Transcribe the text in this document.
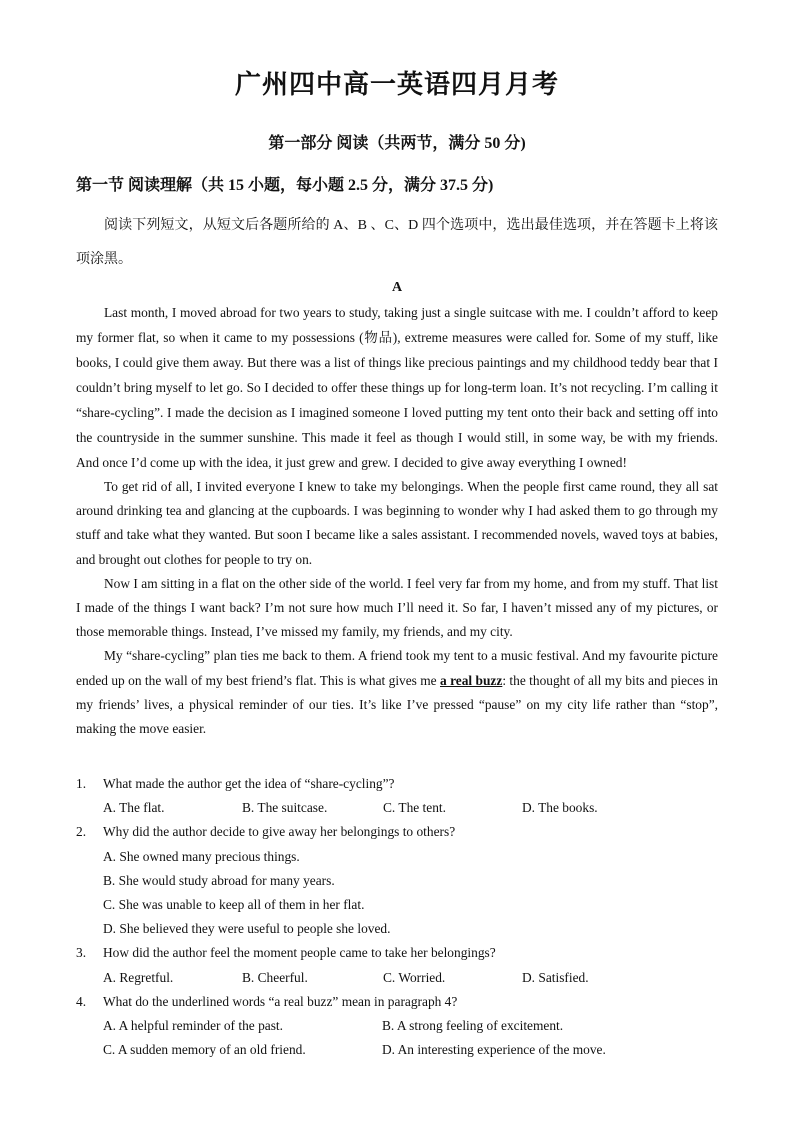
广州四中高一英语四月月考
第一部分 阅读（共两节，满分 50 分)
第一节 阅读理解（共 15 小题，每小题 2.5 分，满分 37.5 分)
阅读下列短文，从短文后各题所给的 A、B 、C、D 四个选项中，选出最佳选项，并在答题卡上将该项涂黑。
A

Last month, I moved abroad for two years to study, taking just a single suitcase with me. I couldn’t afford to keep my former flat, so when it came to my possessions (物品), extreme measures were called for. Some of my stuff, like books, I could give them away. But there was a list of things like precious paintings and my childhood teddy bear that I couldn’t bring myself to let go. So I decided to offer these things up for long-term loan. It’s not recycling. I’m calling it “share-cycling”. I made the decision as I imagined someone I loved putting my tent onto their back and setting off into the countryside in the summer sunshine. This made it feel as though I would still, in some way, be with my friends. And once I’d come up with the idea, it just grew and grew. I decided to give away everything I owned!

To get rid of all, I invited everyone I knew to take my belongings. When the people first came round, they all sat around drinking tea and glancing at the cupboards. I was beginning to wonder why I had asked them to go through my stuff and take what they wanted. But soon I became like a sales assistant. I recommended novels, waved toys at babies, and brought out clothes for people to try on.

Now I am sitting in a flat on the other side of the world. I feel very far from my home, and from my stuff. That list I made of the things I want back? I’m not sure how much I’ll need it. So far, I haven’t missed any of my pictures, or those memorable things. Instead, I’ve missed my family, my friends, and my city.

My “share-cycling” plan ties me back to them. A friend took my tent to a music festival. And my favourite picture ended up on the wall of my best friend’s flat. This is what gives me a real buzz: the thought of all my bits and pieces in my friends’ lives, a physical reminder of our ties. It’s like I’ve pressed “pause” on my city life rather than “stop”, making the move easier.

1. What made the author get the idea of “share-cycling”?
A. The flat.	B. The suitcase.	C. The tent.	D. The books.
2. Why did the author decide to give away her belongings to others?
A. She owned many precious things.
B. She would study abroad for many years.
C. She was unable to keep all of them in her flat.
D. She believed they were useful to people she loved.
3. How did the author feel the moment people came to take her belongings?
A. Regretful.	B. Cheerful.	C. Worried.	D. Satisfied.
4. What do the underlined words “a real buzz” mean in paragraph 4?
A. A helpful reminder of the past.	B. A strong feeling of excitement.
C. A sudden memory of an old friend.	D. An interesting experience of the move.
